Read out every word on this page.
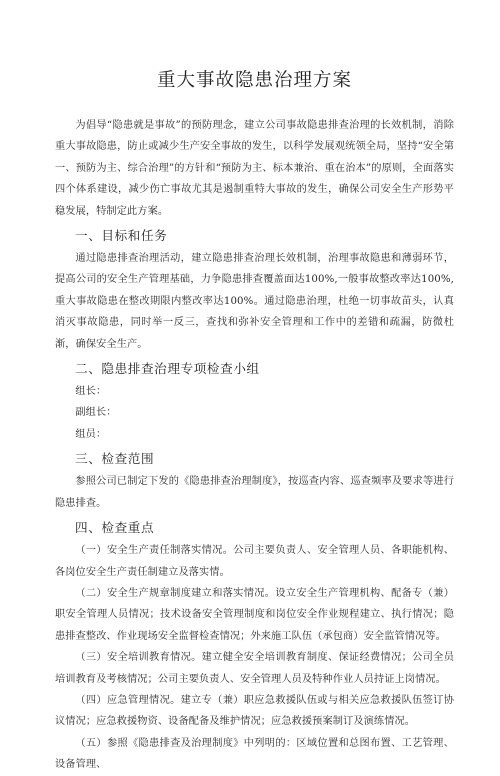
重大事故隐患治理方案

为倡导“隐患就是事故”的预防理念，建立公司事故隐患排查治理的长效机制，消除重大事故隐患，防止或减少生产安全事故的发生，以科学发展观统领全局，坚持“安全第一、预防为主、综合治理”的方针和“预防为主、标本兼治、重在治本”的原则，全面落实四个体系建设，减少伤亡事故尤其是遏制重特大事故的发生，确保公司安全生产形势平稳发展，特制定此方案。

一、目标和任务

通过隐患排查治理活动，建立隐患排查治理长效机制，治理事故隐患和薄弱环节，提高公司的安全生产管理基础，力争隐患排查覆盖面达100%,一般事故整改率达100%,重大事故隐患在整改期限内整改率达100%。通过隐患治理，杜绝一切事故苗头，认真消灭事故隐患，同时举一反三，查找和弥补安全管理和工作中的差错和疏漏，防微杜渐，确保安全生产。

二、隐患排查治理专项检查小组

组长：

副组长：

组员：

三、检查范围

参照公司已制定下发的《隐患排查治理制度》，按巡查内容、巡查频率及要求等进行隐患排查。

四、检查重点

（一）安全生产责任制落实情况。公司主要负责人、安全管理人员、各职能机构、各岗位安全生产责任制建立及落实情。

（二）安全生产规章制度建立和落实情况。设立安全生产管理机构、配备专（兼）职安全管理人员情况；技术设备安全管理制度和岗位安全作业规程建立、执行情况；隐患排查整改、作业现场安全监督检查情况；外来施工队伍（承包商）安全监管情况等。

（三）安全培训教育情况。建立健全安全培训教育制度、保证经费情况；公司全员培训教育及考核情况；公司主要负责人、安全管理人员及特种作业人员持证上岗情况。

（四）应急管理情况。建立专（兼）职应急救援队伍或与相关应急救援队伍签订协议情况；应急救援物资、设备配备及维护情况；应急救援预案制订及演练情况。

（五）参照《隐患排查及治理制度》中列明的：区域位置和总图布置、工艺管理、设备管理、
